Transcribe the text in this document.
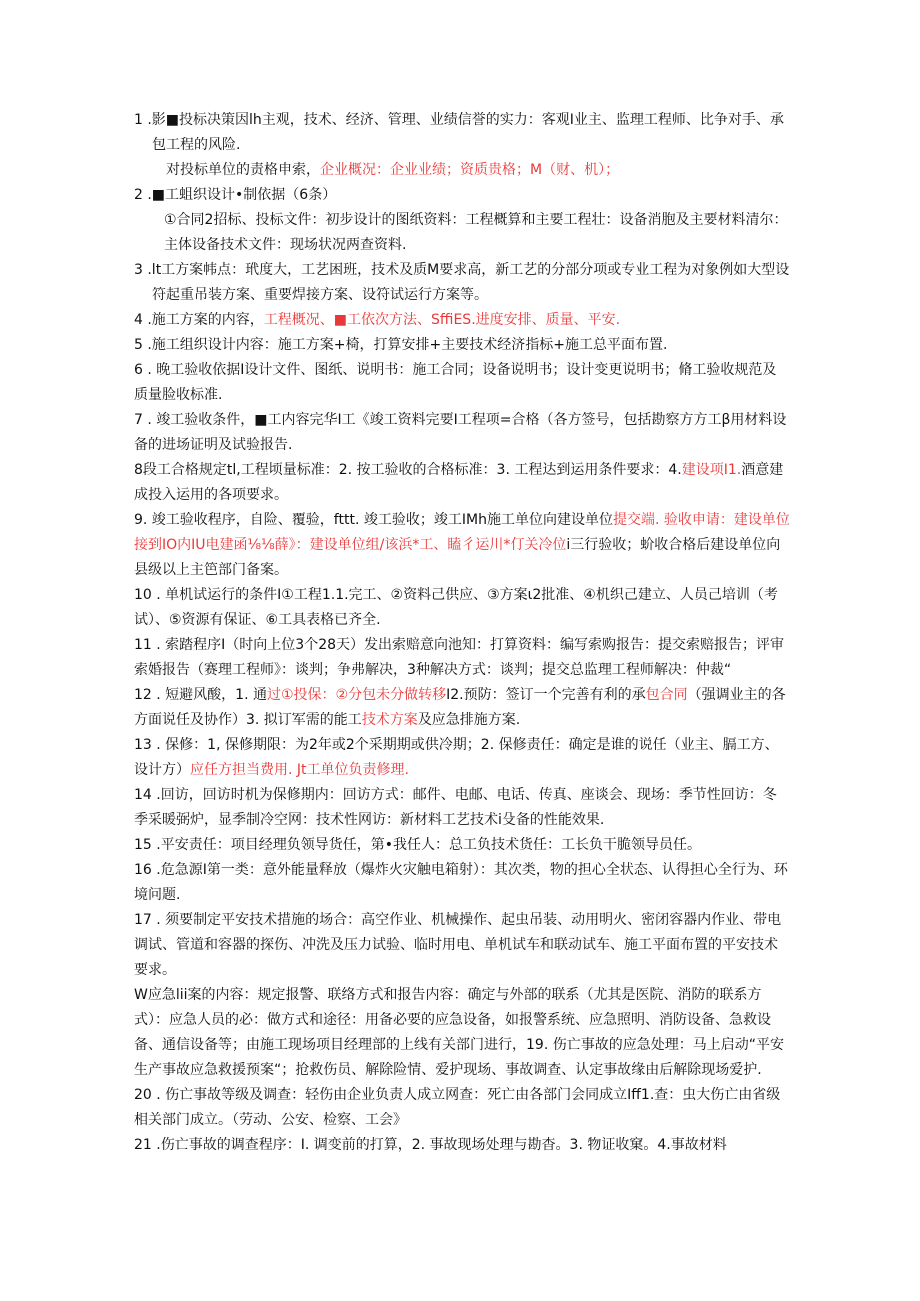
1 .影■投标决策因lh主观，技术、经济、管理、业绩信誉的实力：客观I业主、监理工程师、比争对手、承包工程的风险.

对投标单位的责格申索，企业概况：企业业绩；资质贵格；M（财、机）；

2 .■工蛆织设计•制依据（6条）

①合同2招标、投标文件：初步设计的图纸资料：工程概算和主要工程壮：设备消胞及主要材料清尔：主体设备技术文件：现场状况两查资料.

3 .lt工方案帏点：玳度大，工艺困班，技术及质M要求高，新工艺的分部分项或专业工程为对象例如大型设符起重吊装方案、重要焊接方案、设符试运行方案等。

4 .施工方案的内容，工程概况、■工依次方法、SffiES.进度安排、质量、平安.

5 .施工组织设计内容：施工方案+椅，打算安排+主要技术经济指标+施工总平面布置.

6 . 晚工验收依据I设计文件、图纸、说明书：施工合同；设备说明书；设计变更说明书；脩工验收规范及质量脸收标准.

7 . 竣工验收条件，■工内容完华I工《竣工资料完要I工程项=合格（各方签号，包括勘察方方工β用材料设备的进场证明及试验报告.

8段工合格规定tl,工程顷量标准：2. 按工验收的合格标准：3. 工程达到运用条件要求：4.建设项I1.酒意建成投入运用的各项要求。

9. 竣工验收程序，自险、覆验，fttt. 竣工验收；竣工IMh施工单位向建设单位提交端. 验收申请：建设单位接到IO内IU电建函⅛⅛薛》：建设单位组/该浜*工、瞌彳运川*仃关冷位i三行验收；蚧收合格后建设单位向县级以上主笆部门备案。

10 . 单机试运行的条件I①工程1.1.完工、②资料己供应、③方案ι2批准、④机织己建立、人员己培训（考试）、⑤资源有保证、⑥工具表格已齐全.

11 . 索踏程序I（时向上位3个28天）发出索赔意向池知：打算资料：编写索购报告：提交索赔报告；评审索婚报告（赛理工程师》：谈判；争弗解决，3种解决方式：谈判；提交总监理工程师解决：仲裁“

12 . 短避风酸，1. 通过①投保：②分包未分做转移I2.预防：签订一个完善有利的承包合同（强调业主的各方面说任及协作）3. 拟订军需的能工技术方案及应急排施方案.

13 . 保修：1, 保修期限：为2年或2个采期期或供冷期；2. 保修责任：确定是谁的说任（业主、膈工方、设计方）应任方担当费用. Jt工单位负责修理.

14 .回访，回访时机为保修期内：回访方式：邮件、电邮、电话、传真、座谈会、现场：季节性回访：冬季采暖弼炉，显季制冷空网：技术性网访：新材料工艺技术i殳备的性能效果.

15 .平安责任：项目经理负领导货任，第•我任人：总工负技术货任：工长负干脆领导员任。

16 .危急源I第一类：意外能量释放（爆炸火灾触电箱射）：其次类，物的担心全状态、认得担心全行为、环境问题.

17 . 须要制定平安技术措施的场合：高空作业、机械操作、起虫吊装、动用明火、密闭容器内作业、带电调试、管道和容器的探伤、冲洗及压力试验、临时用电、单机试车和联动试车、施工平面布置的平安技术要求。

W应急lii案的内容：规定报警、联络方式和报告内容：确定与外部的联系（尤其是医院、消防的联系方式）：应急人员的必：做方式和途径：用备必要的应急设备，如报警系统、应急照明、消防设备、急救设备、通信设备等；由施工现场项目经理部的上线有关部门进行，19. 伤亡事故的应急处理：马上启动“平安生产事故应急救援预案“；抢救伤员、解除险情、爱护现场、事故调查、认定事故缘由后解除现场爱护.

20 . 伤亡事故等级及调查：轻伤由企业负责人成立网查：死亡由各部门会同成立Iff1.查：虫大伤亡由省级相关部门成立。（劳动、公安、检察、工会》

21 .伤亡事故的调查程序：I. 调变前的打算，2. 事故现场处理与勘杳。3. 物证收窠。4.事故材料
